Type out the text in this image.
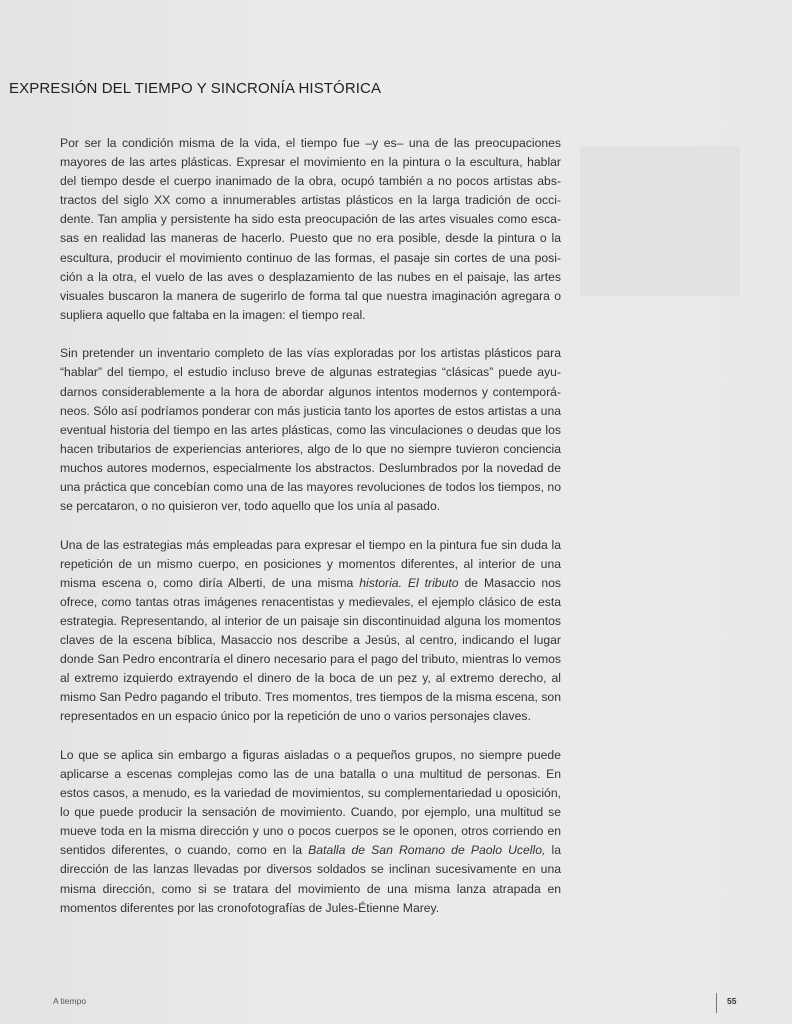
EXPRESIÓN DEL TIEMPO Y SINCRONÍA HISTÓRICA

Por ser la condición misma de la vida, el tiempo fue –y es– una de las preocupaciones mayores de las artes plásticas. Expresar el movimiento en la pintura o la escultura, hablar del tiempo desde el cuerpo inanimado de la obra, ocupó también a no pocos artistas abstractos del siglo XX como a innumerables artistas plásticos en la larga tradición de occidente. Tan amplia y persistente ha sido esta preocupación de las artes visuales como escasas en realidad las maneras de hacerlo. Puesto que no era posible, desde la pintura o la escultura, producir el movimiento continuo de las formas, el pasaje sin cortes de una posición a la otra, el vuelo de las aves o desplazamiento de las nubes en el paisaje, las artes visuales buscaron la manera de sugerirlo de forma tal que nuestra imaginación agregara o supliera aquello que faltaba en la imagen: el tiempo real.

Sin pretender un inventario completo de las vías exploradas por los artistas plásticos para “hablar” del tiempo, el estudio incluso breve de algunas estrategias “clásicas” puede ayudarnos considerablemente a la hora de abordar algunos intentos modernos y contemporáneos. Sólo así podríamos ponderar con más justicia tanto los aportes de estos artistas a una eventual historia del tiempo en las artes plásticas, como las vinculaciones o deudas que los hacen tributarios de experiencias anteriores, algo de lo que no siempre tuvieron conciencia muchos autores modernos, especialmente los abstractos. Deslumbrados por la novedad de una práctica que concebían como una de las mayores revoluciones de todos los tiempos, no se percataron, o no quisieron ver, todo aquello que los unía al pasado.

Una de las estrategias más empleadas para expresar el tiempo en la pintura fue sin duda la repetición de un mismo cuerpo, en posiciones y momentos diferentes, al interior de una misma escena o, como diría Alberti, de una misma historia. El tributo de Masaccio nos ofrece, como tantas otras imágenes renacentistas y medievales, el ejemplo clásico de esta estrategia. Representando, al interior de un paisaje sin discontinuidad alguna los momentos claves de la escena bíblica, Masaccio nos describe a Jesús, al centro, indicando el lugar donde San Pedro encontraría el dinero necesario para el pago del tributo, mientras lo vemos al extremo izquierdo extrayendo el dinero de la boca de un pez y, al extremo derecho, al mismo San Pedro pagando el tributo. Tres momentos, tres tiempos de la misma escena, son representados en un espacio único por la repetición de uno o varios personajes claves.

Lo que se aplica sin embargo a figuras aisladas o a pequeños grupos, no siempre puede aplicarse a escenas complejas como las de una batalla o una multitud de personas. En estos casos, a menudo, es la variedad de movimientos, su complementariedad u oposición, lo que puede producir la sensación de movimiento. Cuando, por ejemplo, una multitud se mueve toda en la misma dirección y uno o pocos cuerpos se le oponen, otros corriendo en sentidos diferentes, o cuando, como en la Batalla de San Romano de Paolo Ucello, la dirección de las lanzas llevadas por diversos soldados se inclinan sucesivamente en una misma dirección, como si se tratara del movimiento de una misma lanza atrapada en momentos diferentes por las cronofotografías de Jules-Étienne Marey.

A tiempo	55
